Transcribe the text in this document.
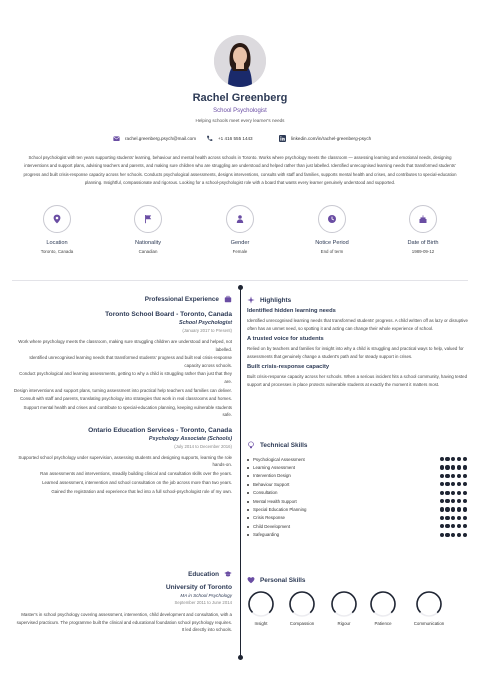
Rachel Greenberg
School Psychologist
Helping schools meet every learner's needs
rachel.greenberg.psych@mail.com	+1 416 555 1443	linkedin.com/in/rachel-greenberg-psych
School psychologist with ten years supporting students' learning, behaviour and mental health across schools in Toronto. Works where psychology meets the classroom — assessing learning and emotional needs, designing interventions and support plans, advising teachers and parents, and making sure children who are struggling are understood and helped rather than just labelled. Identified unrecognised learning needs that transformed students' progress and built crisis-response capacity across her schools. Conducts psychological assessments, designs interventions, consults with staff and families, supports mental health and crises, and contributes to special-education planning. Insightful, compassionate and rigorous. Looking for a school-psychologist role with a board that wants every learner genuinely understood and supported.
Location
Toronto, Canada
Nationality
Canadian
Gender
Female
Notice Period
End of term
Date of Birth
1989-09-12
Professional Experience
Toronto School Board - Toronto, Canada
School Psychologist
(January 2017 to Present)
Work where psychology meets the classroom, making sure struggling children are understood and helped, not labelled.
Identified unrecognised learning needs that transformed students' progress and built real crisis-response capacity across schools.
Conduct psychological and learning assessments, getting to why a child is struggling rather than just that they are.
Design interventions and support plans, turning assessment into practical help teachers and families can deliver.
Consult with staff and parents, translating psychology into strategies that work in real classrooms and homes.
Support mental health and crises and contribute to special-education planning, keeping vulnerable students safe.
Ontario Education Services - Toronto, Canada
Psychology Associate (Schools)
(July 2014 to December 2016)
Supported school psychology under supervision, assessing students and designing supports, learning the role hands-on.
Ran assessments and interventions, steadily building clinical and consultation skills over the years.
Learned assessment, intervention and school consultation on the job across more than two years.
Gained the registration and experience that led into a full school-psychologist role of my own.
Education
University of Toronto
MA in School Psychology
September 2011 to June 2014
Master's in school psychology covering assessment, intervention, child development and consultation, with a supervised practicum. The programme built the clinical and educational foundation school psychology requires. It led directly into schools.
Highlights
Identified hidden learning needs
Identified unrecognised learning needs that transformed students' progress. A child written off as lazy or disruptive often has an unmet need, so spotting it and acting can change their whole experience of school.
A trusted voice for students
Relied on by teachers and families for insight into why a child is struggling and practical ways to help, valued for assessments that genuinely change a student's path and for steady support in crises.
Built crisis-response capacity
Built crisis-response capacity across her schools. When a serious incident hits a school community, having tested support and processes in place protects vulnerable students at exactly the moment it matters most.
Technical Skills
Psychological Assessment
Learning Assessment
Intervention Design
Behaviour Support
Consultation
Mental Health Support
Special Education Planning
Crisis Response
Child Development
Safeguarding
Personal Skills
Insight	Compassion	Rigour	Patience	Communication
